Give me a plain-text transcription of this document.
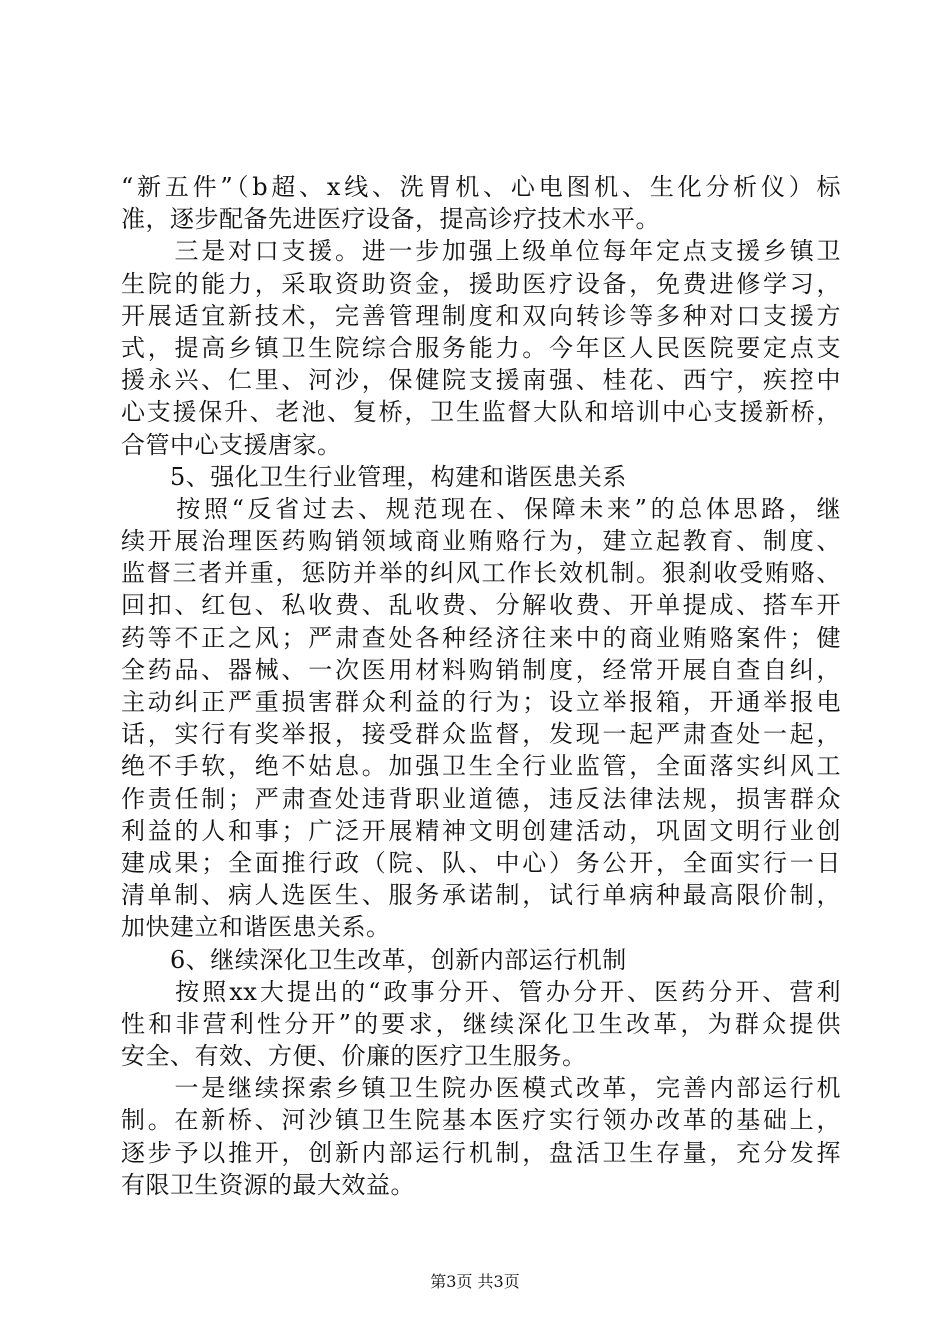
“新五件”（b超、x线、洗胃机、心电图机、生化分析仪）标
准，逐步配备先进医疗设备，提高诊疗技术水平。
　　三是对口支援。进一步加强上级单位每年定点支援乡镇卫
生院的能力，采取资助资金，援助医疗设备，免费进修学习，
开展适宜新技术，完善管理制度和双向转诊等多种对口支援方
式，提高乡镇卫生院综合服务能力。今年区人民医院要定点支
援永兴、仁里、河沙，保健院支援南强、桂花、西宁，疾控中
心支援保升、老池、复桥，卫生监督大队和培训中心支援新桥，
合管中心支援唐家。
　　5、强化卫生行业管理，构建和谐医患关系
　　按照“反省过去、规范现在、保障未来”的总体思路，继
续开展治理医药购销领域商业贿赂行为，建立起教育、制度、
监督三者并重，惩防并举的纠风工作长效机制。狠刹收受贿赂、
回扣、红包、私收费、乱收费、分解收费、开单提成、搭车开
药等不正之风；严肃查处各种经济往来中的商业贿赂案件；健
全药品、器械、一次医用材料购销制度，经常开展自查自纠，
主动纠正严重损害群众利益的行为；设立举报箱，开通举报电
话，实行有奖举报，接受群众监督，发现一起严肃查处一起，
绝不手软，绝不姑息。加强卫生全行业监管，全面落实纠风工
作责任制；严肃查处违背职业道德，违反法律法规，损害群众
利益的人和事；广泛开展精神文明创建活动，巩固文明行业创
建成果；全面推行政（院、队、中心）务公开，全面实行一日
清单制、病人选医生、服务承诺制，试行单病种最高限价制，
加快建立和谐医患关系。
　　6、继续深化卫生改革，创新内部运行机制
　　按照xx大提出的“政事分开、管办分开、医药分开、营利
性和非营利性分开”的要求，继续深化卫生改革，为群众提供
安全、有效、方便、价廉的医疗卫生服务。
　　一是继续探索乡镇卫生院办医模式改革，完善内部运行机
制。在新桥、河沙镇卫生院基本医疗实行领办改革的基础上，
逐步予以推开，创新内部运行机制，盘活卫生存量，充分发挥
有限卫生资源的最大效益。
第3页 共3页
